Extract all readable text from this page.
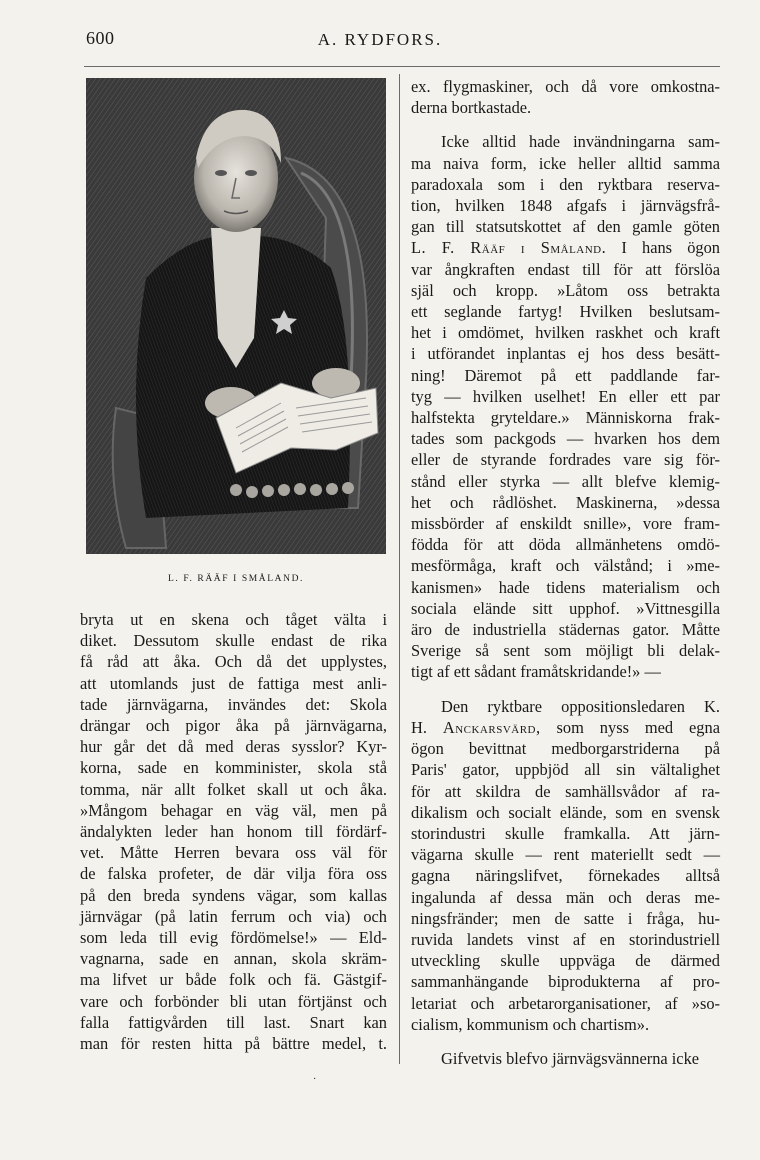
600	A. RYDFORS.
L. F. RÄÄF I SMÅLAND.
bryta ut en skena och tåget välta i
diket. Dessutom skulle endast de rika
få råd att åka. Och då det upplystes,
att utomlands just de fattiga mest anli-
tade järnvägarna, invändes det: Skola
drängar och pigor åka på järnvägarna,
hur går det då med deras sysslor? Kyr-
korna, sade en komminister, skola stå
tomma, när allt folket skall ut och åka.
»Mångom behagar en väg väl, men på
ändalykten leder han honom till fördärf-
vet. Måtte Herren bevara oss väl för
de falska profeter, de där vilja föra oss
på den breda syndens vägar, som kallas
järnvägar (på latin ferrum och via) och
som leda till evig fördömelse!» — Eld-
vagnarna, sade en annan, skola skräm-
ma lifvet ur både folk och fä. Gästgif-
vare och forbönder bli utan förtjänst och
falla fattigvården till last. Snart kan
man för resten hitta på bättre medel, t.
ex. flygmaskiner, och då vore omkostna-
derna bortkastade.
Icke alltid hade invändningarna sam-
ma naiva form, icke heller alltid samma
paradoxala som i den ryktbara reserva-
tion, hvilken 1848 afgafs i järnvägsfrå-
gan till statsutskottet af den gamle göten
L. F. Rääf i Småland. I hans ögon
var ångkraften endast till för att förslöa
själ och kropp. »Låtom oss betrakta
ett seglande fartyg! Hvilken beslutsam-
het i omdömet, hvilken raskhet och kraft
i utförandet inplantas ej hos dess besätt-
ning! Däremot på ett paddlande far-
tyg — hvilken uselhet! En eller ett par
halfstekta gryteldare.» Människorna frak-
tades som packgods — hvarken hos dem
eller de styrande fordrades vare sig för-
stånd eller styrka — allt blefve klemig-
het och rådlöshet. Maskinerna, »dessa
missbörder af enskildt snille», vore fram-
födda för att döda allmänhetens omdö-
mesförmåga, kraft och välstånd; i »me-
kanismen» hade tidens materialism och
sociala elände sitt upphof. »Vittnesgilla
äro de industriella städernas gator. Måtte
Sverige så sent som möjligt bli delak-
tigt af ett sådant framåtskridande!» —
Den ryktbare oppositionsledaren K.
H. Anckarsvärd, som nyss med egna
ögon bevittnat medborgarstriderna på
Paris' gator, uppbjöd all sin vältalighet
för att skildra de samhällsvådor af ra-
dikalism och socialt elände, som en svensk
storindustri skulle framkalla. Att järn-
vägarna skulle — rent materiellt sedt —
gagna näringslifvet, förnekades alltså
ingalunda af dessa män och deras me-
ningsfränder; men de satte i fråga, hu-
ruvida landets vinst af en storindustriell
utveckling skulle uppväga de därmed
sammanhängande biprodukterna af pro-
letariat och arbetarorganisationer, af »so-
cialism, kommunism och chartism».
Gifvetvis blefvo järnvägsvännerna icke
·
